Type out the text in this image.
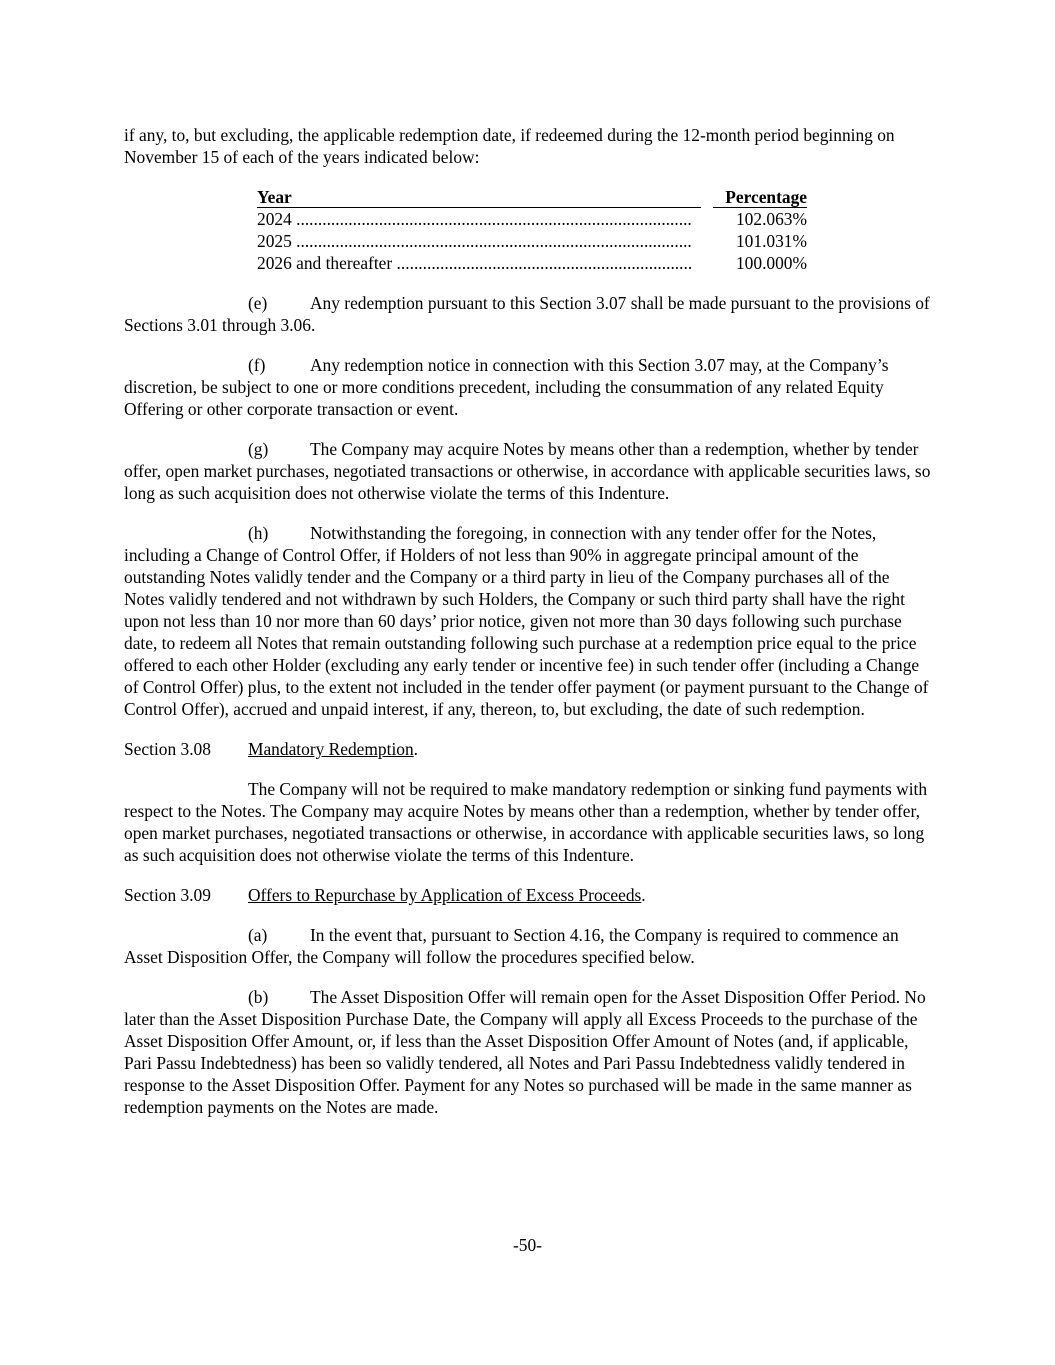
if any, to, but excluding, the applicable redemption date, if redeemed during the 12-month period beginning on November 15 of each of the years indicated below:

Year	Percentage
2024 .....	102.063%
2025 .....	101.031%
2026 and thereafter .....	100.000%

(e) Any redemption pursuant to this Section 3.07 shall be made pursuant to the provisions of Sections 3.01 through 3.06.

(f)	Any redemption notice in connection with this Section 3.07 may, at the Company’s discretion, be subject to one or more conditions precedent, including the consummation of any related Equity Offering or other corporate transaction or event.

(g) The Company may acquire Notes by means other than a redemption, whether by tender offer, open market purchases, negotiated transactions or otherwise, in accordance with applicable securities laws, so long as such acquisition does not otherwise violate the terms of this Indenture.

(h) Notwithstanding the foregoing, in connection with any tender offer for the Notes, including a Change of Control Offer, if Holders of not less than 90% in aggregate principal amount of the outstanding Notes validly tender and the Company or a third party in lieu of the Company purchases all of the Notes validly tendered and not withdrawn by such Holders, the Company or such third party shall have the right upon not less than 10 nor more than 60 days’ prior notice, given not more than 30 days following such purchase date, to redeem all Notes that remain outstanding following such purchase at a redemption price equal to the price offered to each other Holder (excluding any early tender or incentive fee) in such tender offer (including a Change of Control Offer) plus, to the extent not included in the tender offer payment (or payment pursuant to the Change of Control Offer), accrued and unpaid interest, if any, thereon, to, but excluding, the date of such redemption.

Section 3.08 Mandatory Redemption.

The Company will not be required to make mandatory redemption or sinking fund payments with respect to the Notes. The Company may acquire Notes by means other than a redemption, whether by tender offer, open market purchases, negotiated transactions or otherwise, in accordance with applicable securities laws, so long as such acquisition does not otherwise violate the terms of this Indenture.

Section 3.09 Offers to Repurchase by Application of Excess Proceeds.

(a) In the event that, pursuant to Section 4.16, the Company is required to commence an Asset Disposition Offer, the Company will follow the procedures specified below.

(b) The Asset Disposition Offer will remain open for the Asset Disposition Offer Period. No later than the Asset Disposition Purchase Date, the Company will apply all Excess Proceeds to the purchase of the Asset Disposition Offer Amount, or, if less than the Asset Disposition Offer Amount of Notes (and, if applicable, Pari Passu Indebtedness) has been so validly tendered, all Notes and Pari Passu Indebtedness validly tendered in response to the Asset Disposition Offer. Payment for any Notes so purchased will be made in the same manner as redemption payments on the Notes are made.

-50-
